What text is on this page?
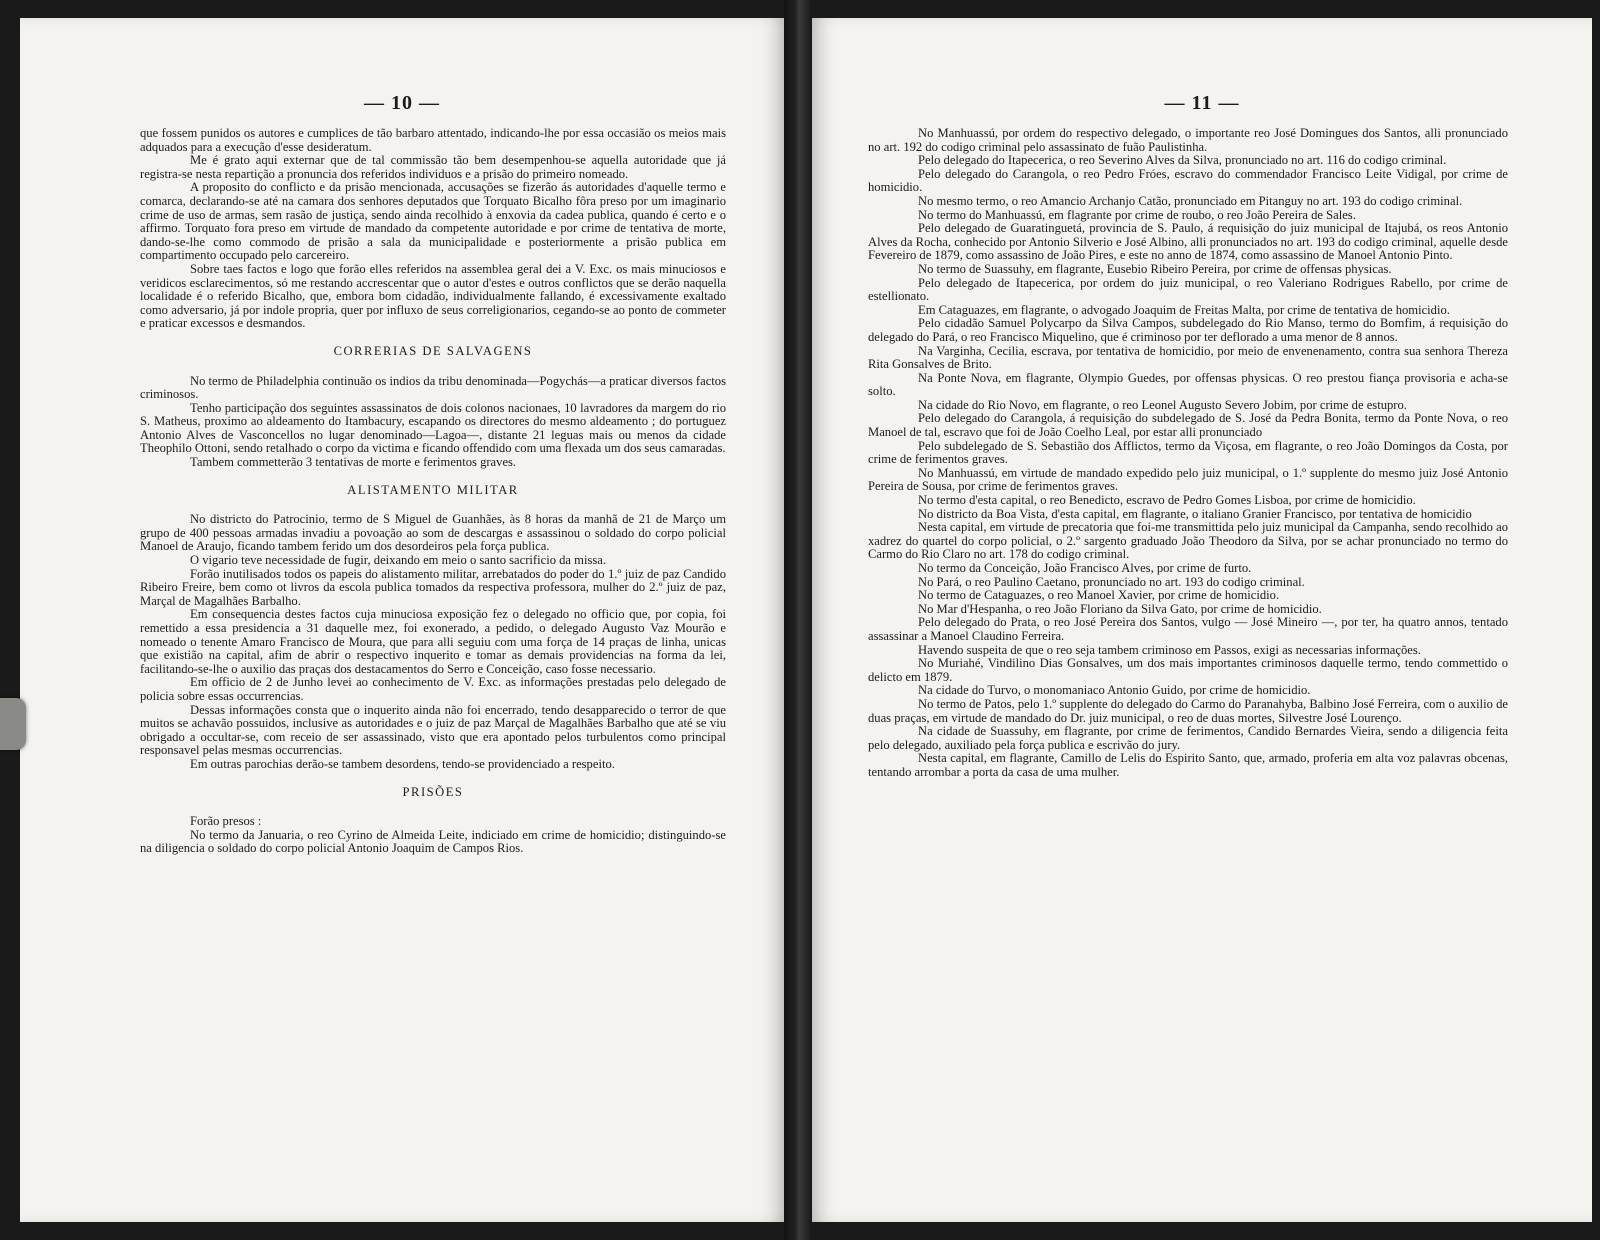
— 10 —

que fossem punidos os autores e cumplices de tão barbaro attentado, indicando-lhe por essa occasião os meios mais adquados para a execução d'esse desideratum.

Me é grato aqui externar que de tal commissão tão bem desempenhou-se aquella autoridade que já registra-se nesta repartição a pronuncia dos referidos individuos e a prisão do primeiro nomeado.

A proposito do conflicto e da prisão mencionada, accusações se fizerão ás autoridades d'aquelle termo e comarca, declarando-se até na camara dos senhores deputados que Torquato Bicalho fôra preso por um imaginario crime de uso de armas, sem rasão de justiça, sendo ainda recolhido à enxovia da cadea publica, quando é certo e o affirmo. Torquato fora preso em virtude de mandado da competente autoridade e por crime de tentativa de morte, dando-se-lhe como commodo de prisão a sala da municipalidade e posteriormente a prisão publica em compartimento occupado pelo carcereiro.

Sobre taes factos e logo que forão elles referidos na assemblea geral dei a V. Exc. os mais minuciosos e veridicos esclarecimentos, só me restando accrescentar que o autor d'estes e outros conflictos que se derão naquella localidade é o referido Bicalho, que, embora bom cidadão, individualmente fallando, é excessivamente exaltado como adversario, já por indole propria, quer por influxo de seus correligionarios, cegando-se ao ponto de commeter e praticar excessos e desmandos.

CORRERIAS DE SALVAGENS

No termo de Philadelphia continuão os indios da tribu denominada—Pogychás—a praticar diversos factos criminosos.

Tenho participação dos seguintes assassinatos de dois colonos nacionaes, 10 lavradores da margem do rio S. Matheus, proximo ao aldeamento do Itambacury, escapando os directores do mesmo aldeamento ; do portuguez Antonio Alves de Vasconcellos no lugar denominado—Lagoa—, distante 21 leguas mais ou menos da cidade Theophilo Ottoni, sendo retalhado o corpo da victima e ficando offendido com uma flexada um dos seus camaradas.

Tambem commetterão 3 tentativas de morte e ferimentos graves.

ALISTAMENTO MILITAR

No districto do Patrocinio, termo de S Miguel de Guanhães, às 8 horas da manhã de 21 de Março um grupo de 400 pessoas armadas invadiu a povoação ao som de descargas e assassinou o soldado do corpo policial Manoel de Araujo, ficando tambem ferido um dos desordeiros pela força publica.

O vigario teve necessidade de fugir, deixando em meio o santo sacrificio da missa.

Forão inutilisados todos os papeis do alistamento militar, arrebatados do poder do 1.º juiz de paz Candido Ribeiro Freire, bem como ot livros da escola publica tomados da respectiva professora, mulher do 2.º juiz de paz, Marçal de Magalhães Barbalho.

Em consequencia destes factos cuja minuciosa exposição fez o delegado no officio que, por copia, foi remettido a essa presidencia a 31 daquelle mez, foi exonerado, a pedido, o delegado Augusto Vaz Mourão e nomeado o tenente Amaro Francisco de Moura, que para alli seguiu com uma força de 14 praças de linha, unicas que existião na capital, afim de abrir o respectivo inquerito e tomar as demais providencias na forma da lei, facilitando-se-lhe o auxilio das praças dos destacamentos do Serro e Conceição, caso fosse necessario.

Em officio de 2 de Junho levei ao conhecimento de V. Exc. as informações prestadas pelo delegado de policia sobre essas occurrencias.

Dessas informações consta que o inquerito ainda não foi encerrado, tendo desapparecido o terror de que muitos se achavão possuidos, inclusive as autoridades e o juiz de paz Marçal de Magalhães Barbalho que até se viu obrigado a occultar-se, com receio de ser assassinado, visto que era apontado pelos turbulentos como principal responsavel pelas mesmas occurrencias.

Em outras parochias derão-se tambem desordens, tendo-se providenciado a respeito.

PRISÕES

Forão presos :

No termo da Januaria, o reo Cyrino de Almeida Leite, indiciado em crime de homicidio; distinguindo-se na diligencia o soldado do corpo policial Antonio Joaquim de Campos Rios.

— 11 —

No Manhuassú, por ordem do respectivo delegado, o importante reo José Domingues dos Santos, alli pronunciado no art. 192 do codigo criminal pelo assassinato de fuão Paulistinha.

Pelo delegado do Itapecerica, o reo Severino Alves da Silva, pronunciado no art. 116 do codigo criminal.

Pelo delegado do Carangola, o reo Pedro Fróes, escravo do commendador Francisco Leite Vidigal, por crime de homicidio.

No mesmo termo, o reo Amancio Archanjo Catão, pronunciado em Pitanguy no art. 193 do codigo criminal.

No termo do Manhuassú, em flagrante por crime de roubo, o reo João Pereira de Sales.

Pelo delegado de Guaratinguetá, provincia de S. Paulo, á requisição do juiz municipal de Itajubá, os reos Antonio Alves da Rocha, conhecido por Antonio Silverio e José Albino, alli pronunciados no art. 193 do codigo criminal, aquelle desde Fevereiro de 1879, como assassino de João Pires, e este no anno de 1874, como assassino de Manoel Antonio Pinto.

No termo de Suassuhy, em flagrante, Eusebio Ribeiro Pereira, por crime de offensas physicas.

Pelo delegado de Itapecerica, por ordem do juiz municipal, o reo Valeriano Rodrigues Rabello, por crime de estellionato.

Em Cataguazes, em flagrante, o advogado Joaquim de Freitas Malta, por crime de tentativa de homicidio.

Pelo cidadão Samuel Polycarpo da Silva Campos, subdelegado do Rio Manso, termo do Bomfim, á requisição do delegado do Pará, o reo Francisco Miquelino, que é criminoso por ter deflorado a uma menor de 8 annos.

Na Varginha, Cecilia, escrava, por tentativa de homicidio, por meio de envenenamento, contra sua senhora Thereza Rita Gonsalves de Brito.

Na Ponte Nova, em flagrante, Olympio Guedes, por offensas physicas. O reo prestou fiança provisoria e acha-se solto.

Na cidade do Rio Novo, em flagrante, o reo Leonel Augusto Severo Jobim, por crime de estupro.

Pelo delegado do Carangola, á requisição do subdelegado de S. José da Pedra Bonita, termo da Ponte Nova, o reo Manoel de tal, escravo que foi de João Coelho Leal, por estar alli pronunciado

Pelo subdelegado de S. Sebastião dos Afflictos, termo da Viçosa, em flagrante, o reo João Domingos da Costa, por crime de ferimentos graves.

No Manhuassú, em virtude de mandado expedido pelo juiz municipal, o 1.º supplente do mesmo juiz José Antonio Pereira de Sousa, por crime de ferimentos graves.

No termo d'esta capital, o reo Benedicto, escravo de Pedro Gomes Lisboa, por crime de homicidio.

No districto da Boa Vista, d'esta capital, em flagrante, o italiano Granier Francisco, por tentativa de homicidio

Nesta capital, em virtude de precatoria que foi-me transmittida pelo juiz municipal da Campanha, sendo recolhido ao xadrez do quartel do corpo policial, o 2.º sargento graduado João Theodoro da Silva, por se achar pronunciado no termo do Carmo do Rio Claro no art. 178 do codigo criminal.

No termo da Conceição, João Francisco Alves, por crime de furto.

No Pará, o reo Paulino Caetano, pronunciado no art. 193 do codigo criminal.

No termo de Cataguazes, o reo Manoel Xavier, por crime de homicidio.

No Mar d'Hespanha, o reo João Floriano da Silva Gato, por crime de homicidio.

Pelo delegado do Prata, o reo José Pereira dos Santos, vulgo — José Mineiro —, por ter, ha quatro annos, tentado assassinar a Manoel Claudino Ferreira.

Havendo suspeita de que o reo seja tambem criminoso em Passos, exigi as necessarias informações.

No Muriahé, Vindilino Dias Gonsalves, um dos mais importantes criminosos daquelle termo, tendo commettido o delicto em 1879.

Na cidade do Turvo, o monomaniaco Antonio Guido, por crime de homicidio.

No termo de Patos, pelo 1.º supplente do delegado do Carmo do Paranahyba, Balbino José Ferreira, com o auxilio de duas praças, em virtude de mandado do Dr. juiz municipal, o reo de duas mortes, Silvestre José Lourenço.

Na cidade de Suassuhy, em flagrante, por crime de ferimentos, Candido Bernardes Vieira, sendo a diligencia feita pelo delegado, auxiliado pela força publica e escrivão do jury.

Nesta capital, em flagrante, Camillo de Lelis do Espirito Santo, que, armado, proferia em alta voz palavras obcenas, tentando arrombar a porta da casa de uma mulher.
